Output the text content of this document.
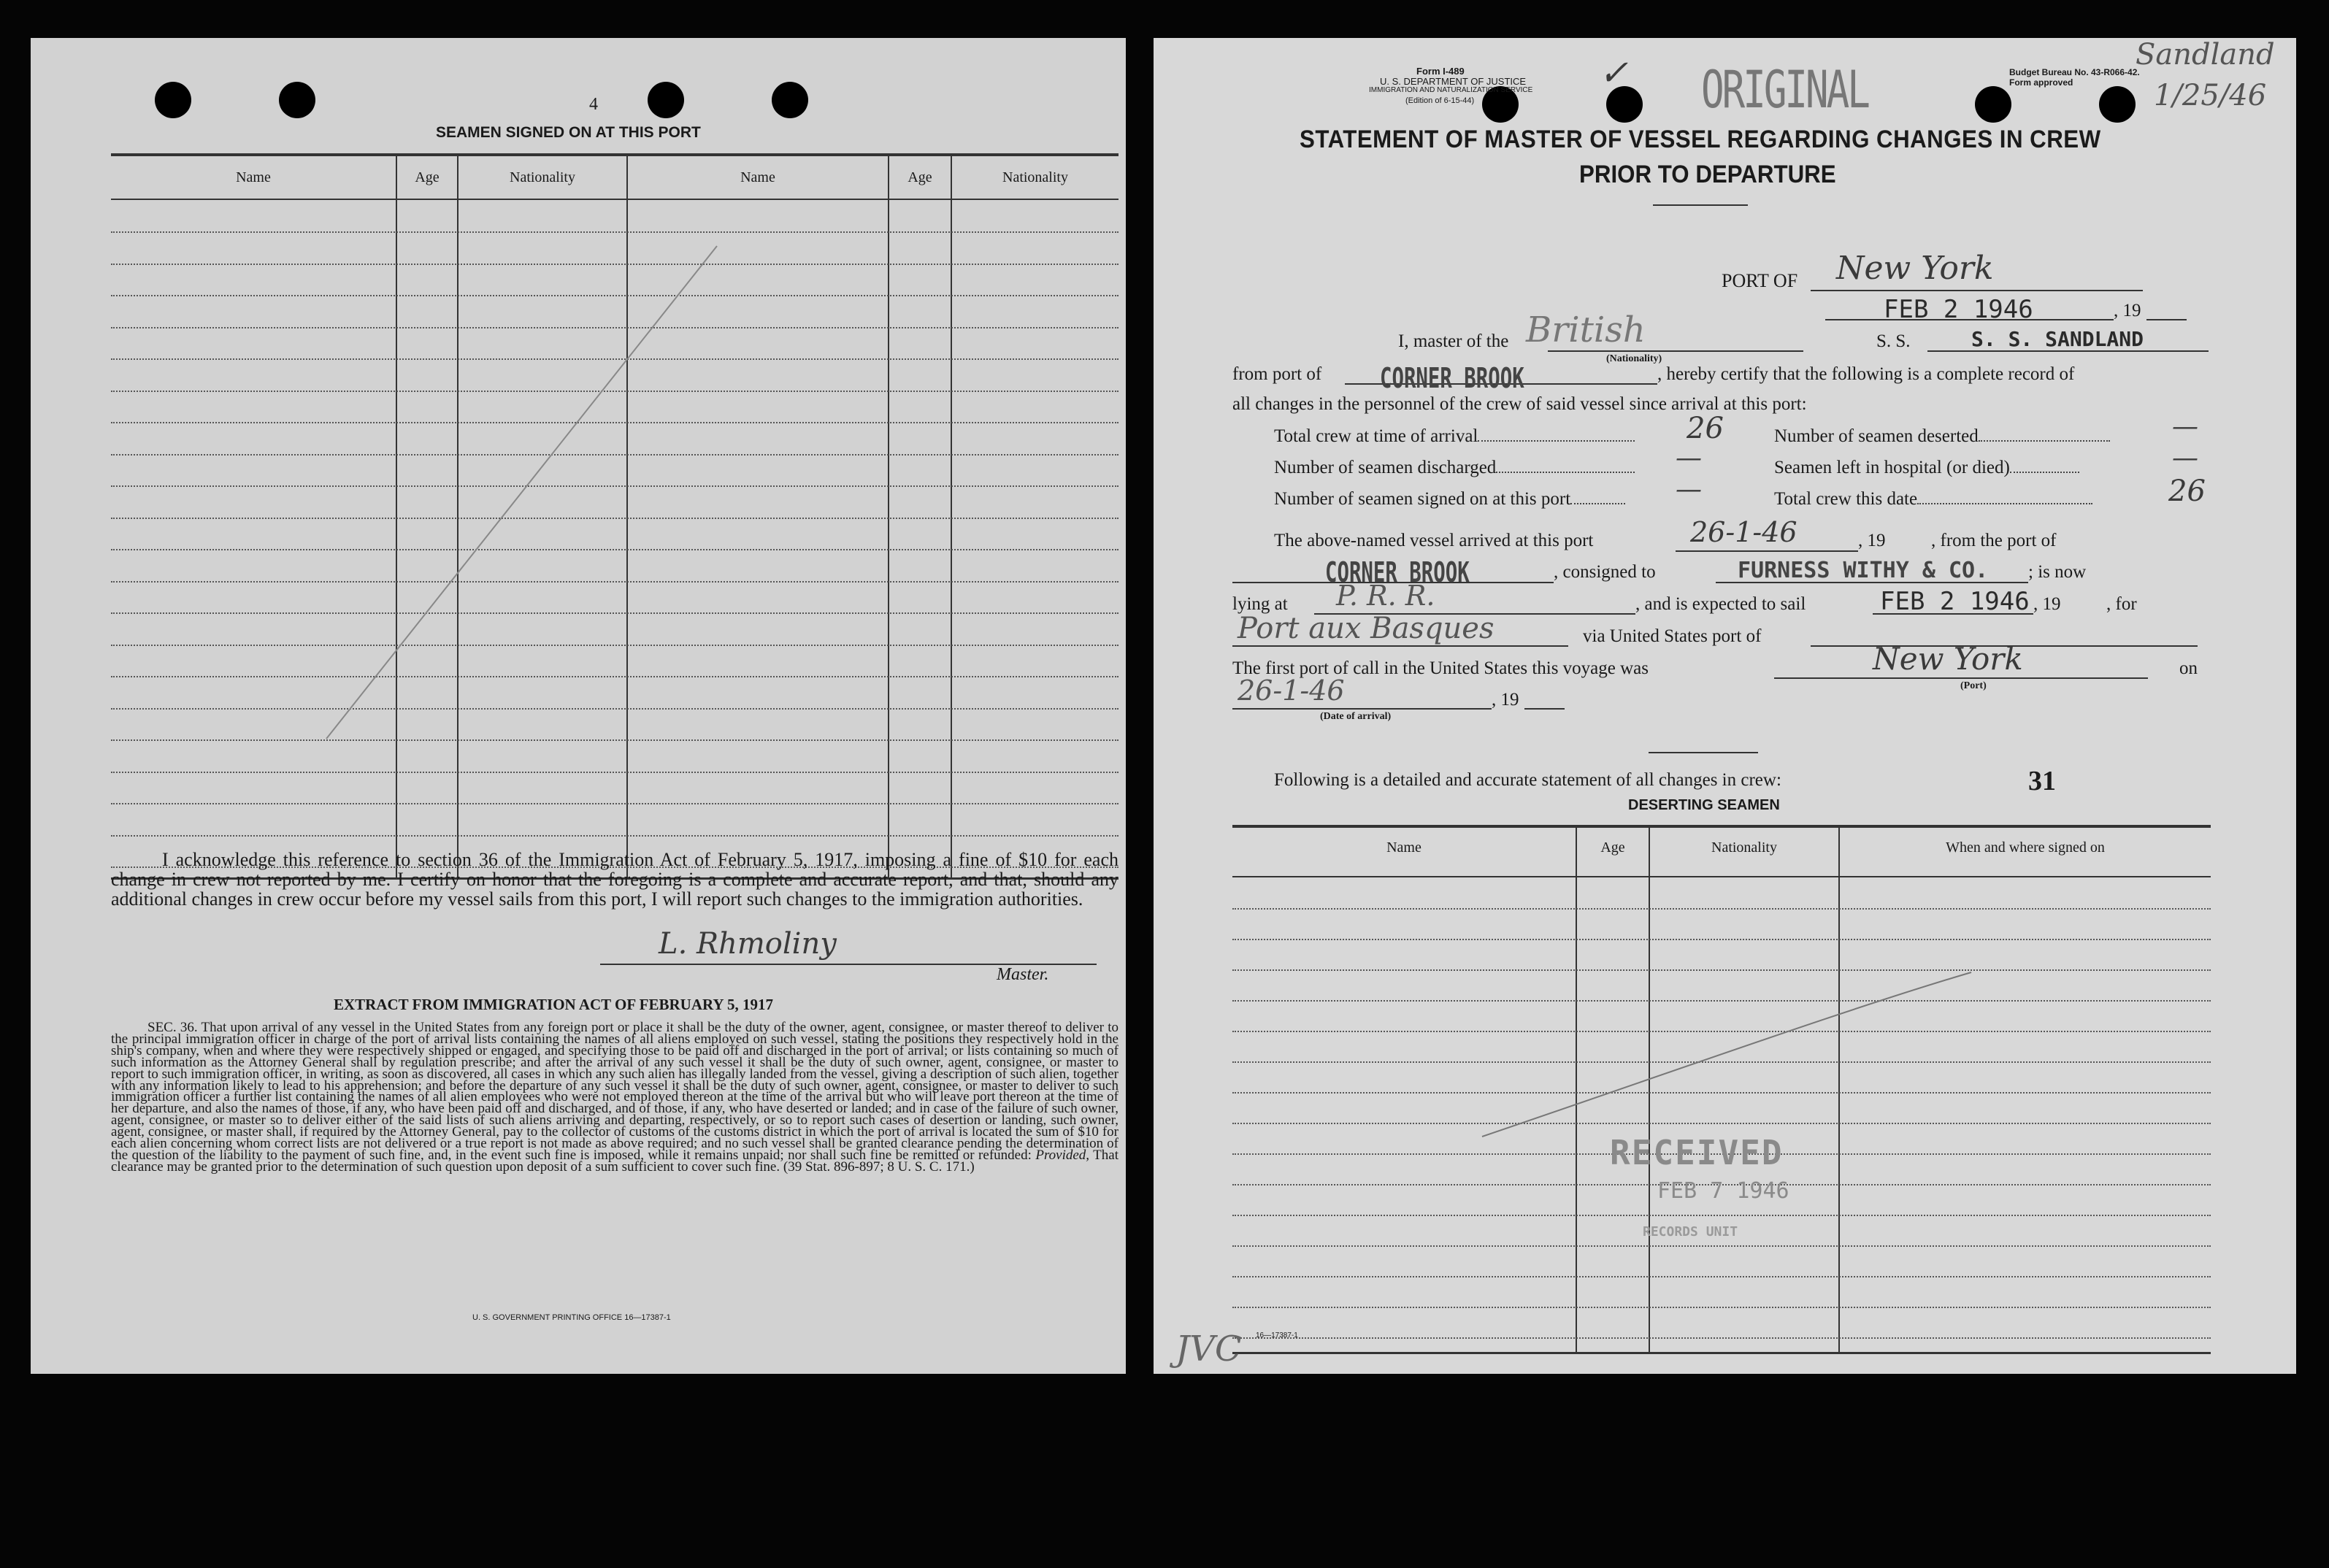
4
SEAMEN SIGNED ON AT THIS PORT
Name	Age	Nationality	Name	Age	Nationality
I acknowledge this reference to section 36 of the Immigration Act of February 5, 1917, imposing a fine of $10 for each change in crew not reported by me. I certify on honor that the foregoing is a complete and accurate report, and that, should any additional changes in crew occur before my vessel sails from this port, I will report such changes to the immigration authorities.
L. Rhmoliny
Master.
EXTRACT FROM IMMIGRATION ACT OF FEBRUARY 5, 1917
SEC. 36. That upon arrival of any vessel in the United States from any foreign port or place it shall be the duty of the owner, agent, consignee, or master thereof to deliver to the principal immigration officer in charge of the port of arrival lists containing the names of all aliens employed on such vessel, stating the positions they respectively hold in the ship's company, when and where they were respectively shipped or engaged, and specifying those to be paid off and discharged in the port of arrival; or lists containing so much of such information as the Attorney General shall by regulation prescribe; and after the arrival of any such vessel it shall be the duty of such owner, agent, consignee, or master to report to such immigration officer, in writing, as soon as discovered, all cases in which any such alien has illegally landed from the vessel, giving a description of such alien, together with any information likely to lead to his apprehension; and before the departure of any such vessel it shall be the duty of such owner, agent, consignee, or master to deliver to such immigration officer a further list containing the names of all alien employees who were not employed thereon at the time of the arrival but who will leave port thereon at the time of her departure, and also the names of those, if any, who have been paid off and discharged, and of those, if any, who have deserted or landed; and in case of the failure of such owner, agent, consignee, or master so to deliver either of the said lists of such aliens arriving and departing, respectively, or so to report such cases of desertion or landing, such owner, agent, consignee, or master shall, if required by the Attorney General, pay to the collector of customs of the customs district in which the port of arrival is located the sum of $10 for each alien concerning whom correct lists are not delivered or a true report is not made as above required; and no such vessel shall be granted clearance pending the determination of the question of the liability to the payment of such fine, and, in the event such fine is imposed, while it remains unpaid; nor shall such fine be remitted or refunded: Provided, That clearance may be granted prior to the determination of such question upon deposit of a sum sufficient to cover such fine. (39 Stat. 896-897; 8 U. S. C. 171.)
U. S. GOVERNMENT PRINTING OFFICE 16—17387-1
Form I-489
U. S. DEPARTMENT OF JUSTICE
IMMIGRATION AND NATURALIZATION SERVICE
(Edition of 6-15-44)	ORIGINAL
✓	Budget Bureau No. 43-R066-42.
Form approved
Sandland
1/25/46
STATEMENT OF MASTER OF VESSEL REGARDING CHANGES IN CREW
PRIOR TO DEPARTURE
PORT OF New York
FEB 2 1946	, 19
I, master of the British
(Nationality)
S. S.	S. S. SANDLAND
from port of CORNER BROOK	, hereby certify that the following is a complete record of
all changes in the personnel of the crew of said vessel since arrival at this port:
Total crew at time of arrival	26	Number of seamen deserted	—
Number of seamen discharged	—	Seamen left in hospital (or died)	—
Number of seamen signed on at this port	—	Total crew this date	26
The above-named vessel arrived at this port	26-1-46	, 19          , from the port of
CORNER BROOK	, consigned to	FURNESS WITHY & CO. ; is now
lying at P. R. R.	, and is expected to sail	FEB 2 1946 , 19          , for
Port aux Basques	via United States port of
The first port of call in the United States this voyage was	New York
(Port)
on
26-1-46
(Date of arrival)
, 19
Following is a detailed and accurate statement of all changes in crew:	31
DESERTING SEAMEN
Name	Age	Nationality	When and where signed on
RECEIVED
FEB 7 1946
RECORDS UNIT
16—17387-1
JVC
